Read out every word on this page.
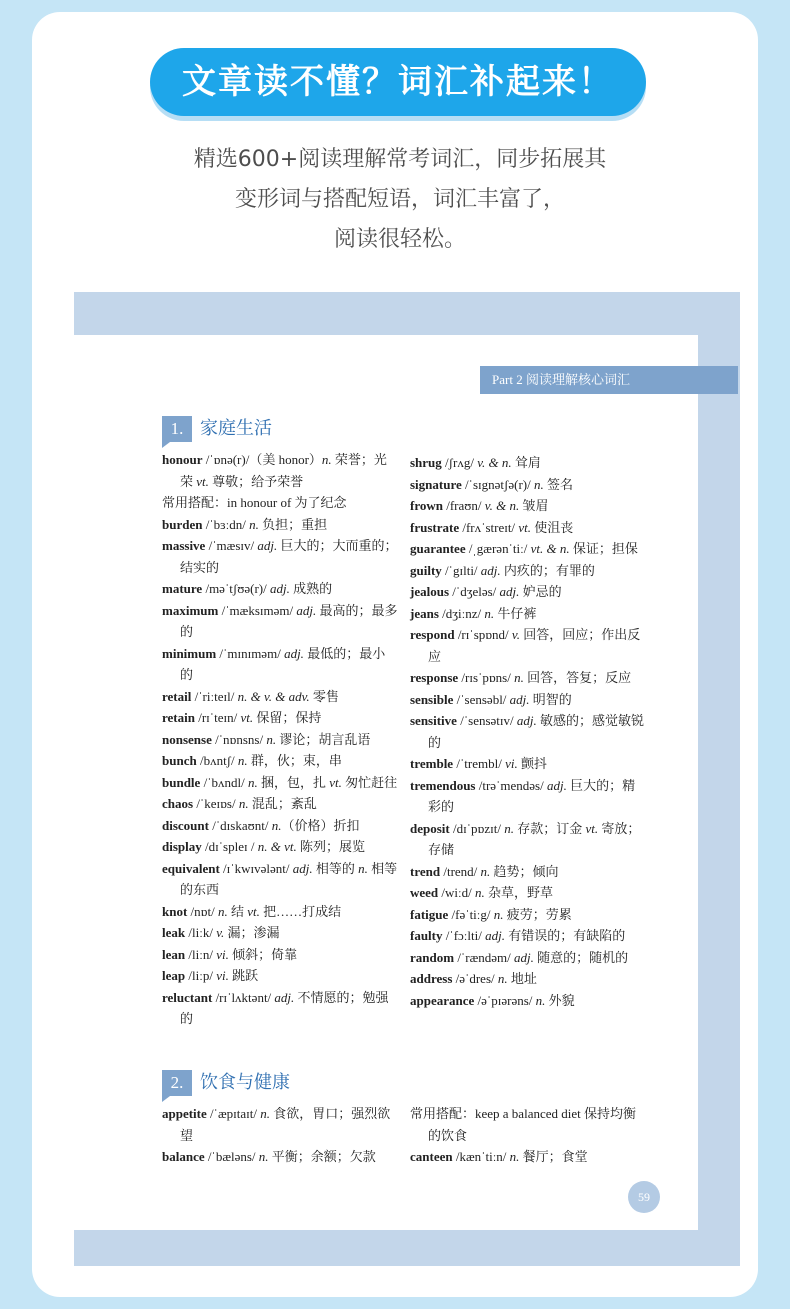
文章读不懂？词汇补起来！
精选600+阅读理解常考词汇，同步拓展其
变形词与搭配短语，词汇丰富了，
阅读很轻松。
Part 2 阅读理解核心词汇
1. 家庭生活
honour /ˈɒnə(r)/（美 honor）n. 荣誉；光荣 vt. 尊敬；给予荣誉
常用搭配：in honour of 为了纪念
burden /ˈbɜːdn/ n. 负担；重担
massive /ˈmæsɪv/ adj. 巨大的；大而重的；结实的
mature /məˈtʃʊə(r)/ adj. 成熟的
maximum /ˈmæksɪməm/ adj. 最高的；最多的
minimum /ˈmɪnɪməm/ adj. 最低的；最小的
retail /ˈriːteɪl/ n. & v. & adv. 零售
retain /rɪˈteɪn/ vt. 保留；保持
nonsense /ˈnɒnsns/ n. 谬论；胡言乱语
bunch /bʌntʃ/ n. 群，伙；束，串
bundle /ˈbʌndl/ n. 捆，包，扎 vt. 匆忙赶往
chaos /ˈkeɪɒs/ n. 混乱；紊乱
discount /ˈdɪskaʊnt/ n.（价格）折扣
display /dɪˈspleɪ / n. & vt. 陈列；展览
equivalent /ɪˈkwɪvələnt/ adj. 相等的 n. 相等的东西
knot /nɒt/ n. 结 vt. 把……打成结
leak /liːk/ v. 漏；渗漏
lean /liːn/ vi. 倾斜；倚靠
leap /liːp/ vi. 跳跃
reluctant /rɪˈlʌktənt/ adj. 不情愿的；勉强的
shrug /ʃrʌg/ v. & n. 耸肩
signature /ˈsɪgnətʃə(r)/ n. 签名
frown /fraʊn/ v. & n. 皱眉
frustrate /frʌˈstreɪt/ vt. 使沮丧
guarantee /ˌgærənˈtiː/ vt. & n. 保证；担保
guilty /ˈgɪlti/ adj. 内疚的；有罪的
jealous /ˈdʒeləs/ adj. 妒忌的
jeans /dʒiːnz/ n. 牛仔裤
respond /rɪˈspɒnd/ v. 回答，回应；作出反应
response /rɪsˈpɒns/ n. 回答，答复；反应
sensible /ˈsensəbl/ adj. 明智的
sensitive /ˈsensətɪv/ adj. 敏感的；感觉敏锐的
tremble /ˈtrembl/ vi. 颤抖
tremendous /trəˈmendəs/ adj. 巨大的；精彩的
deposit /dɪˈpɒzɪt/ n. 存款；订金 vt. 寄放；存储
trend /trend/ n. 趋势；倾向
weed /wiːd/ n. 杂草，野草
fatigue /fəˈtiːg/ n. 疲劳；劳累
faulty /ˈfɔːlti/ adj. 有错误的；有缺陷的
random /ˈrændəm/ adj. 随意的；随机的
address /əˈdres/ n. 地址
appearance /əˈpɪərəns/ n. 外貌
2. 饮食与健康
appetite /ˈæpɪtaɪt/ n. 食欲，胃口；强烈欲望
balance /ˈbæləns/ n. 平衡；余额；欠款
常用搭配：keep a balanced diet 保持均衡的饮食
canteen /kænˈtiːn/ n. 餐厅；食堂
59
